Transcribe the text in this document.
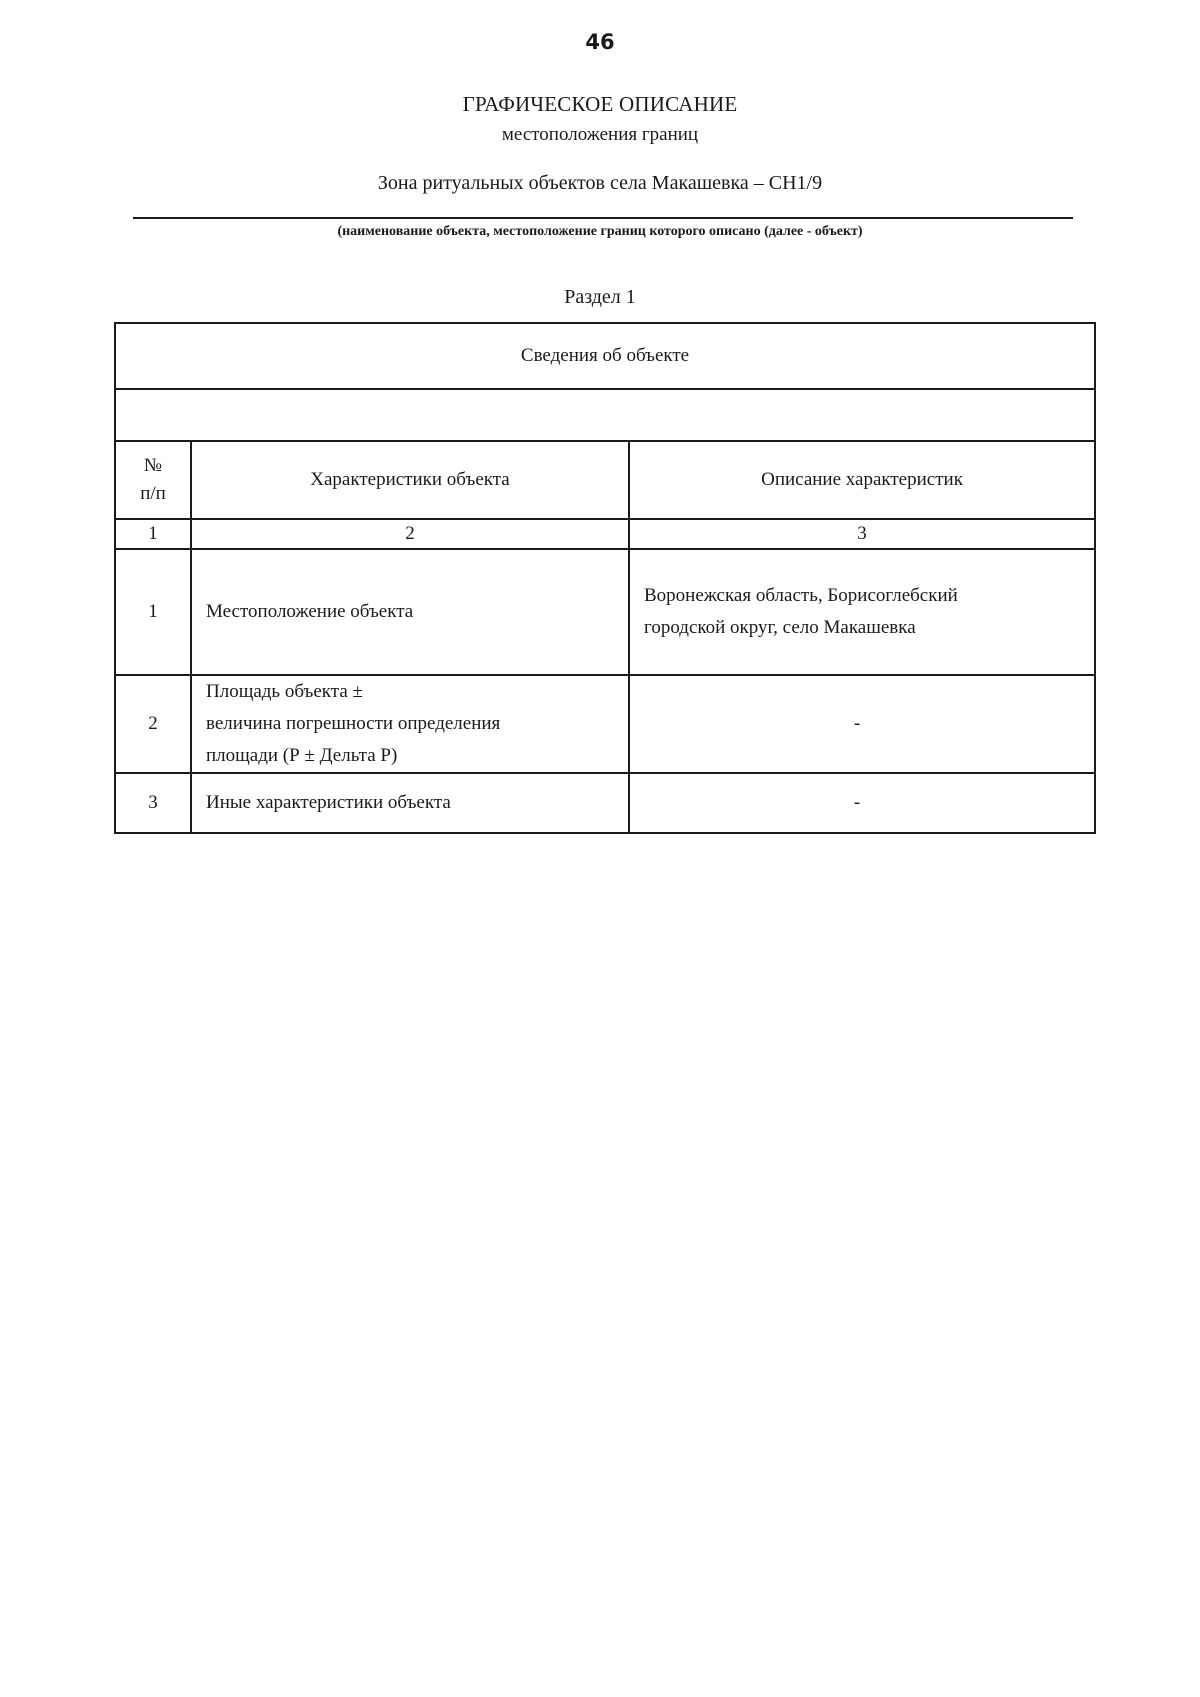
46
ГРАФИЧЕСКОЕ ОПИСАНИЕ
местоположения границ
Зона ритуальных объектов села Макашевка – СН1/9
(наименование объекта, местоположение границ которого описано (далее - объект)
Раздел 1
Сведения об объекте		

№
п/п	Характеристики объекта	Описание характеристик
1	2	3
1	Местоположение объекта	Воронежская область, Борисоглебский
городской округ, село Макашевка

2	Площадь объекта ±
величина погрешности определения
площади (Р ± Дельта Р)	-
3	Иные характеристики объекта	-
